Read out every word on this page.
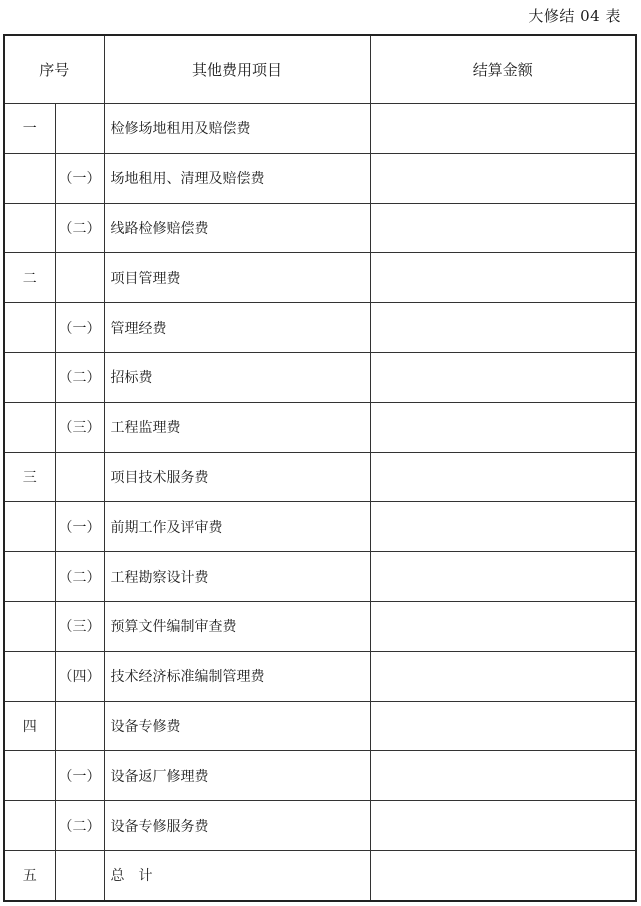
大修结 04 表
序号		其他费用项目	结算金额
一		检修场地租用及赔偿费	
	（一）	场地租用、清理及赔偿费	
	（二）	线路检修赔偿费	
二		项目管理费	
	（一）	管理经费	
	（二）	招标费	
	（三）	工程监理费	
三		项目技术服务费	
	（一）	前期工作及评审费	
	（二）	工程勘察设计费	
	（三）	预算文件编制审查费	
	（四）	技术经济标准编制管理费	
四		设备专修费	
	（一）	设备返厂修理费	
	（二）	设备专修服务费	
五		总　计	
